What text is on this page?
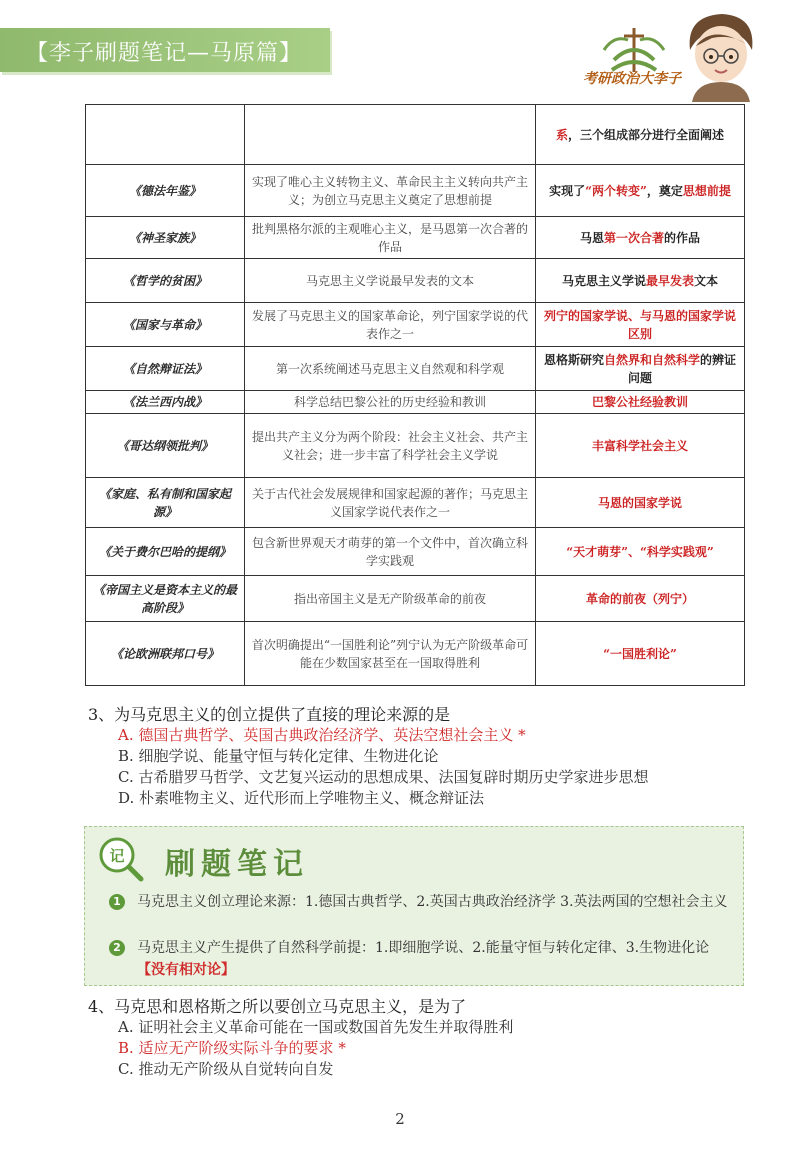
【李子刷题笔记—马原篇】
考研政治大李子
		系，三个组成部分进行全面阐述
《德法年鉴》	实现了唯心主义转物主义、革命民主主义转向共产主义；为创立马克思主义奠定了思想前提	实现了“两个转变”，奠定思想前提
《神圣家族》	批判黑格尔派的主观唯心主义，是马恩第一次合著的作品	马恩第一次合著的作品
《哲学的贫困》	马克思主义学说最早发表的文本	马克思主义学说最早发表文本
《国家与革命》	发展了马克思主义的国家革命论，列宁国家学说的代表作之一	列宁的国家学说、与马恩的国家学说区别
《自然辩证法》	第一次系统阐述马克思主义自然观和科学观	恩格斯研究自然界和自然科学的辨证问题
《法兰西内战》	科学总结巴黎公社的历史经验和教训	巴黎公社经验教训
《哥达纲领批判》	提出共产主义分为两个阶段：社会主义社会、共产主义社会；进一步丰富了科学社会主义学说	丰富科学社会主义
《家庭、私有制和国家起源》	关于古代社会发展规律和国家起源的著作；马克思主义国家学说代表作之一	马恩的国家学说
《关于费尔巴哈的提纲》	包含新世界观天才萌芽的第一个文件中，首次确立科学实践观	“天才萌芽”、“科学实践观”
《帝国主义是资本主义的最高阶段》	指出帝国主义是无产阶级革命的前夜	革命的前夜（列宁）
《论欧洲联邦口号》	首次明确提出“一国胜利论”列宁认为无产阶级革命可能在少数国家甚至在一国取得胜利	“一国胜利论”
3、为马克思主义的创立提供了直接的理论来源的是
A. 德国古典哲学、英国古典政治经济学、英法空想社会主义 *
B. 细胞学说、能量守恒与转化定律、生物进化论
C. 古希腊罗马哲学、文艺复兴运动的思想成果、法国复辟时期历史学家进步思想
D. 朴素唯物主义、近代形而上学唯物主义、概念辩证法
记 刷题笔记
1 马克思主义创立理论来源：1.德国古典哲学、2.英国古典政治经济学 3.英法两国的空想社会主义
2 马克思主义产生提供了自然科学前提：1.即细胞学说、2.能量守恒与转化定律、3.生物进化论【没有相对论】
4、马克思和恩格斯之所以要创立马克思主义，是为了
A. 证明社会主义革命可能在一国或数国首先发生并取得胜利
B. 适应无产阶级实际斗争的要求 *
C. 推动无产阶级从自觉转向自发
2
